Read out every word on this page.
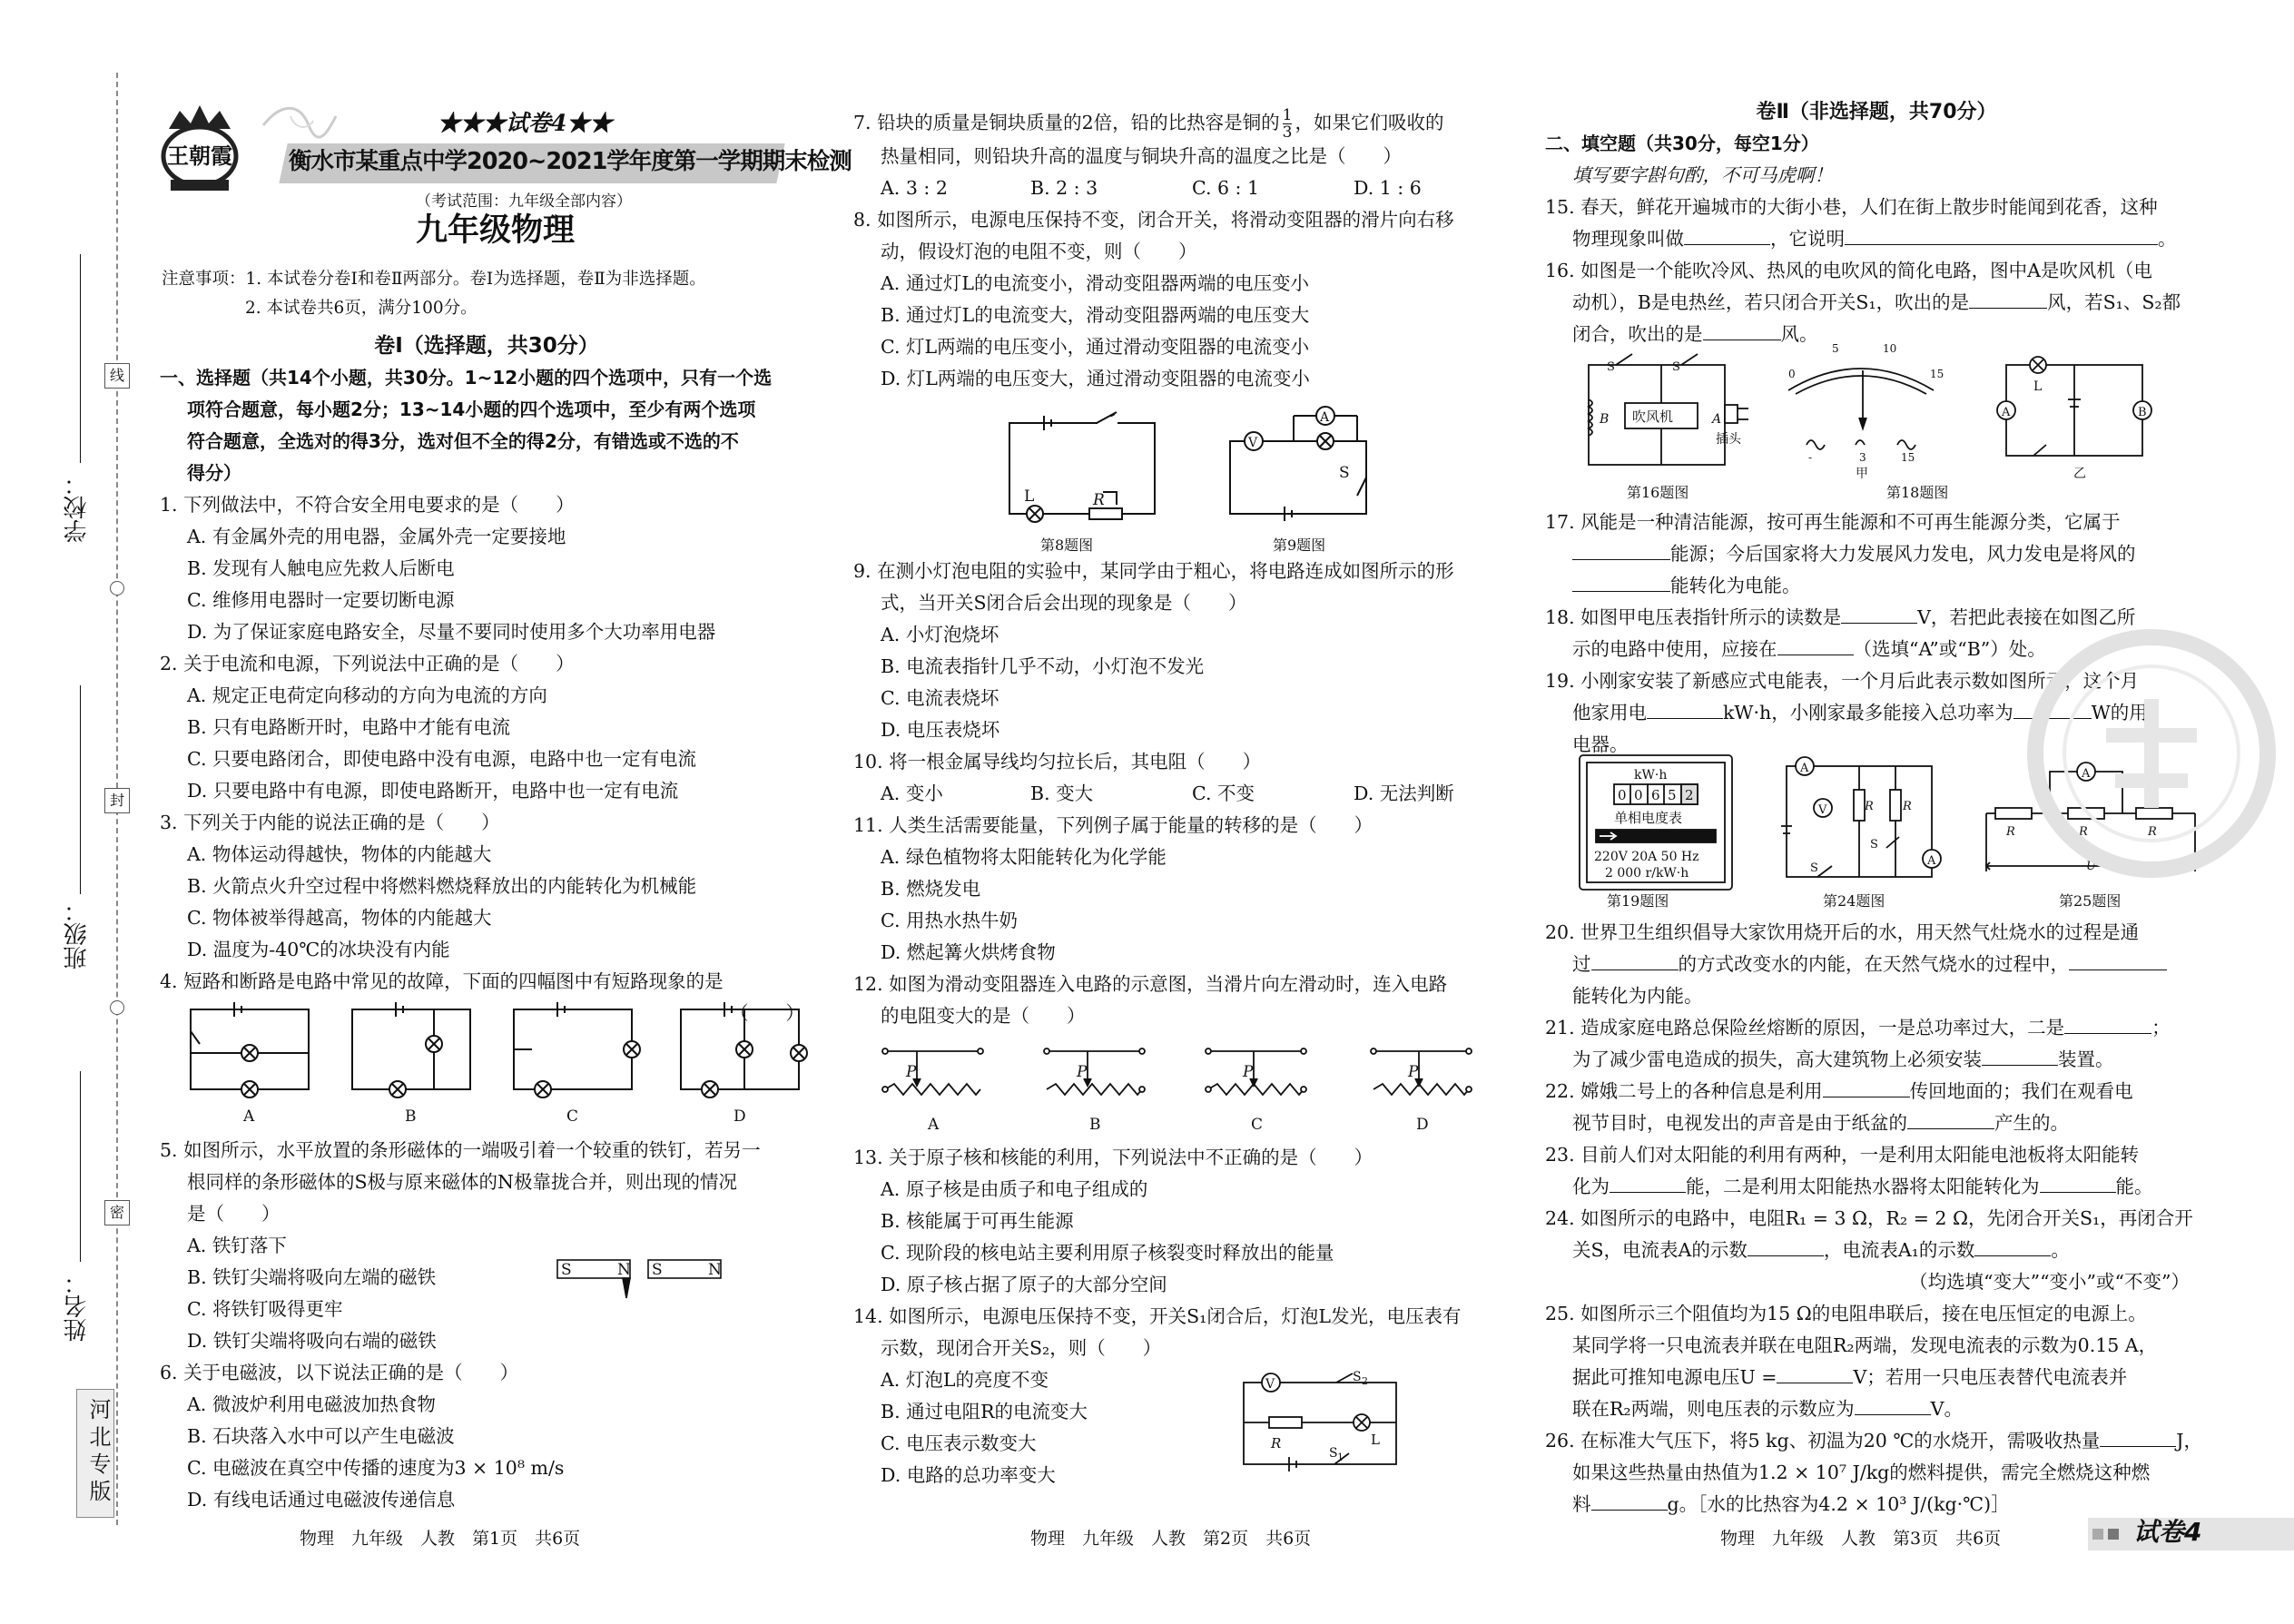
线
封
密
学校：
班级：
姓名：
河北专版
王朝霞
★★★试卷4★★
衡水市某重点中学2020~2021学年度第一学期期末检测
（考试范围：九年级全部内容）
九年级物理
注意事项：1. 本试卷分卷Ⅰ和卷Ⅱ两部分。卷Ⅰ为选择题，卷Ⅱ为非选择题。
2. 本试卷共6页，满分100分。

卷Ⅰ（选择题，共30分）

一、选择题（共14个小题，共30分。1~12小题的四个选项中，只有一个选

项符合题意，每小题2分；13~14小题的四个选项中，至少有两个选项

符合题意，全选对的得3分，选对但不全的得2分，有错选或不选的不

得分）

1. 下列做法中，不符合安全用电要求的是（　　）

A. 有金属外壳的用电器，金属外壳一定要接地

B. 发现有人触电应先救人后断电

C. 维修用电器时一定要切断电源

D. 为了保证家庭电路安全，尽量不要同时使用多个大功率用电器

2. 关于电流和电源，下列说法中正确的是（　　）

A. 规定正电荷定向移动的方向为电流的方向

B. 只有电路断开时，电路中才能有电流

C. 只要电路闭合，即使电路中没有电源，电路中也一定有电流

D. 只要电路中有电源，即使电路断开，电路中也一定有电流

3. 下列关于内能的说法正确的是（　　）

A. 物体运动得越快，物体的内能越大

B. 火箭点火升空过程中将燃料燃烧释放出的内能转化为机械能

C. 物体被举得越高，物体的内能越大

D. 温度为-40℃的冰块没有内能

4. 短路和断路是电路中常见的故障，下面的四幅图中有短路现象的是

（　　）

A	B	C	D

5. 如图所示，水平放置的条形磁体的一端吸引着一个较重的铁钉，若另一

根同样的条形磁体的S极与原来磁体的N极靠拢合并，则出现的情况

是（　　）

A. 铁钉落下

B. 铁钉尖端将吸向左端的磁铁

C. 将铁钉吸得更牢

D. 铁钉尖端将吸向右端的磁铁

6. 关于电磁波，以下说法正确的是（　　）

A. 微波炉利用电磁波加热食物

B. 石块落入水中可以产生电磁波

C. 电磁波在真空中传播的速度为3 × 10⁸ m/s

D. 有线电话通过电磁波传递信息

S	N S	N
物理　九年级　人教　第1页　共6页

7. 铅块的质量是铜块质量的2倍，铅的比热容是铜的 $\frac{1}{3}$ ，如果它们吸收的

热量相同，则铅块升高的温度与铜块升高的温度之比是（　　）

A. 3 : 2	B. 2 : 3	C. 6 : 1	D. 1 : 6

8. 如图所示，电源电压保持不变，闭合开关，将滑动变阻器的滑片向右移

动，假设灯泡的电阻不变，则（　　）

A. 通过灯L的电流变小，滑动变阻器两端的电压变小

B. 通过灯L的电流变大，滑动变阻器两端的电压变大

C. 灯L两端的电压变小，通过滑动变阻器的电流变小

D. 灯L两端的电压变大，通过滑动变阻器的电流变小

L	R
A
V
S
第8题图	第9题图

9. 在测小灯泡电阻的实验中，某同学由于粗心，将电路连成如图所示的形

式，当开关S闭合后会出现的现象是（　　）

A. 小灯泡烧坏

B. 电流表指针几乎不动，小灯泡不发光

C. 电流表烧坏

D. 电压表烧坏

10. 将一根金属导线均匀拉长后，其电阻（　　）

A. 变小	B. 变大	C. 不变	D. 无法判断

11. 人类生活需要能量，下列例子属于能量的转移的是（　　）

A. 绿色植物将太阳能转化为化学能

B. 燃烧发电

C. 用热水热牛奶

D. 燃起篝火烘烤食物

12. 如图为滑动变阻器连入电路的示意图，当滑片向左滑动时，连入电路

的电阻变大的是（　　）

P	P	P	P
A	B	C	D

13. 关于原子核和核能的利用，下列说法中不正确的是（　　）

A. 原子核是由质子和电子组成的

B. 核能属于可再生能源

C. 现阶段的核电站主要利用原子核裂变时释放出的能量

D. 原子核占据了原子的大部分空间

14. 如图所示，电源电压保持不变，开关S₁闭合后，灯泡L发光，电压表有

示数，现闭合开关S₂，则（　　）

A. 灯泡L的亮度不变

B. 通过电阻R的电流变大

C. 电压表示数变大

D. 电路的总功率变大

V	S 2
R	L
S 1
物理　九年级　人教　第2页　共6页

卷Ⅱ（非选择题，共70分）

二、填空题（共30分，每空1分）

填写要字斟句酌，不可马虎啊！

15. 春天，鲜花开遍城市的大街小巷，人们在街上散步时能闻到花香，这种

物理现象叫做	，它说明	。

16. 如图是一个能吹冷风、热风的电吹风的简化电路，图中A是吹风机（电

动机），B是电热丝，若只闭合开关S₁，吹出的是	风，若S₁、S₂都

闭合，吹出的是	风。

吹风机
插头
B	A
S	S	0
5	10
15
-	3	15
甲
A	B
L
乙
第16题图	第18题图

17. 风能是一种清洁能源，按可再生能源和不可再生能源分类，它属于

能源；今后国家将大力发展风力发电，风力发电是将风的

能转化为电能。

18. 如图甲电压表指针所示的读数是	V，若把此表接在如图乙所

示的电路中使用，应接在	（选填“A”或“B”）处。

19. 小刚家安装了新感应式电能表，一个月后此表示数如图所示，这个月

他家用电	kW·h，小刚家最多能接入总功率为	W的用

电器。

kW·h
0 0 6 5 2
单相电度表
220V 20A 50 Hz
2 000 r/kW·h
A
V
A
R R
S
S
A
R	R	R
U
第19题图	第24题图	第25题图

20. 世界卫生组织倡导大家饮用烧开后的水，用天然气灶烧水的过程是通

过	的方式改变水的内能，在天然气烧水的过程中，

能转化为内能。

21. 造成家庭电路总保险丝熔断的原因，一是总功率过大，二是	；

为了减少雷电造成的损失，高大建筑物上必须安装	装置。

22. 嫦娥二号上的各种信息是利用	传回地面的；我们在观看电

视节目时，电视发出的声音是由于纸盆的	产生的。

23. 目前人们对太阳能的利用有两种，一是利用太阳能电池板将太阳能转

化为	能，二是利用太阳能热水器将太阳能转化为	能。

24. 如图所示的电路中，电阻R₁ = 3 Ω，R₂ = 2 Ω，先闭合开关S₁，再闭合开

关S，电流表A的示数	，电流表A₁的示数	。

（均选填“变大”“变小”或“不变”）

25. 如图所示三个阻值均为15 Ω的电阻串联后，接在电压恒定的电源上。

某同学将一只电流表并联在电阻R₂两端，发现电流表的示数为0.15 A，

据此可推知电源电压U =	V；若用一只电压表替代电流表并

联在R₂两端，则电压表的示数应为	V。

26. 在标准大气压下，将5 kg、初温为20 ℃的水烧开，需吸收热量	J，

如果这些热量由热值为1.2 × 10⁷ J/kg的燃料提供，需完全燃烧这种燃

料	g。［水的比热容为4.2 × 10³ J/(kg·℃)］

物理　九年级　人教　第3页　共6页	试卷4
